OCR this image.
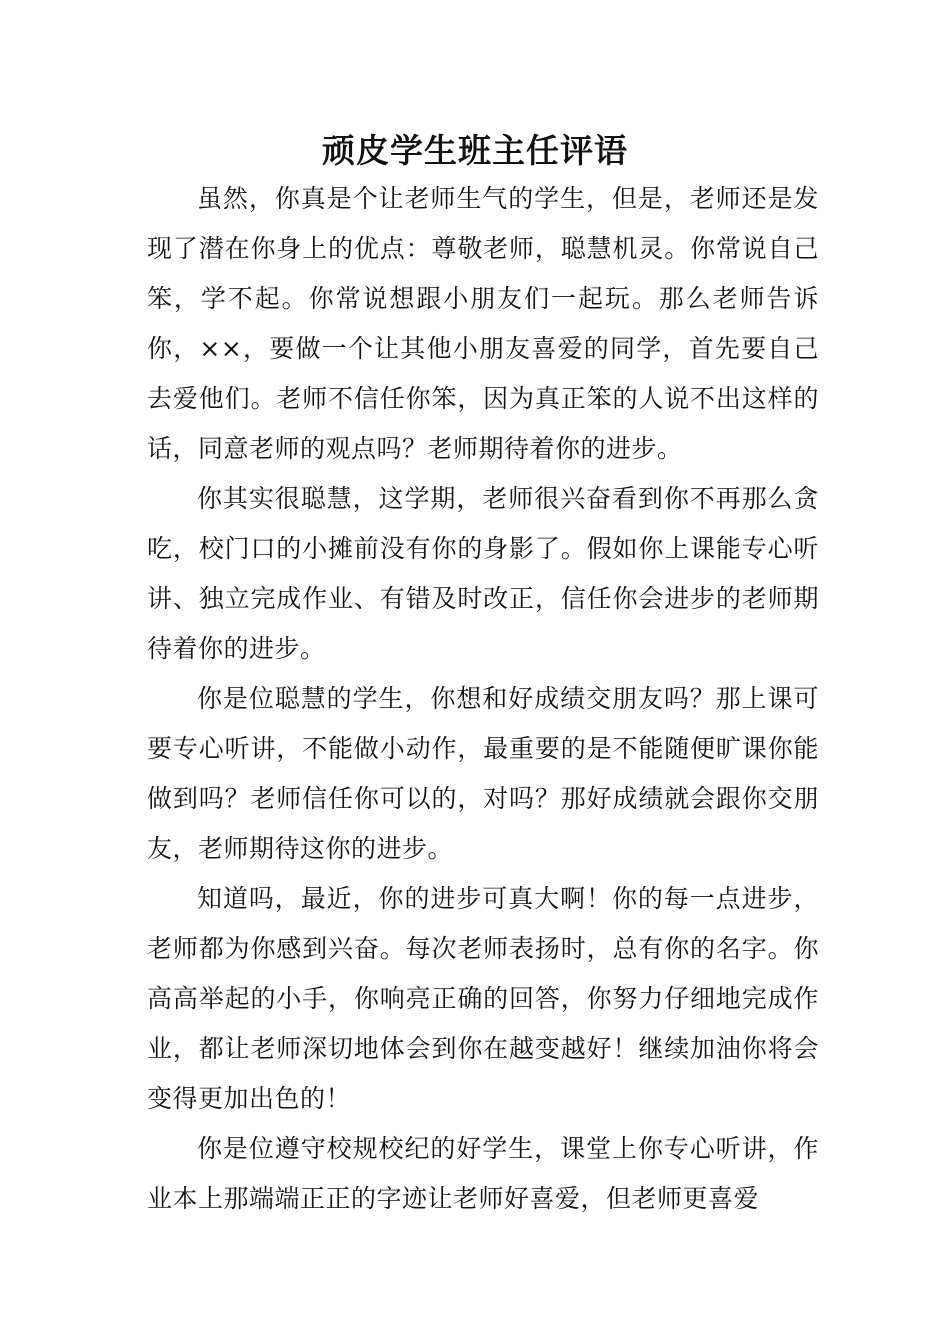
顽皮学生班主任评语

虽然，你真是个让老师生气的学生，但是，老师还是发现了潜在你身上的优点：尊敬老师，聪慧机灵。你常说自己笨，学不起。你常说想跟小朋友们一起玩。那么老师告诉你，××，要做一个让其他小朋友喜爱的同学，首先要自己去爱他们。老师不信任你笨，因为真正笨的人说不出这样的话，同意老师的观点吗？老师期待着你的进步。

你其实很聪慧，这学期，老师很兴奋看到你不再那么贪吃，校门口的小摊前没有你的身影了。假如你上课能专心听讲、独立完成作业、有错及时改正，信任你会进步的老师期待着你的进步。

你是位聪慧的学生，你想和好成绩交朋友吗？那上课可要专心听讲，不能做小动作，最重要的是不能随便旷课你能做到吗？老师信任你可以的，对吗？那好成绩就会跟你交朋友，老师期待这你的进步。

知道吗，最近，你的进步可真大啊！你的每一点进步，老师都为你感到兴奋。每次老师表扬时，总有你的名字。你高高举起的小手，你响亮正确的回答，你努力仔细地完成作业，都让老师深切地体会到你在越变越好！继续加油你将会变得更加出色的！

你是位遵守校规校纪的好学生，课堂上你专心听讲，作业本上那端端正正的字迹让老师好喜爱，但老师更喜爱
